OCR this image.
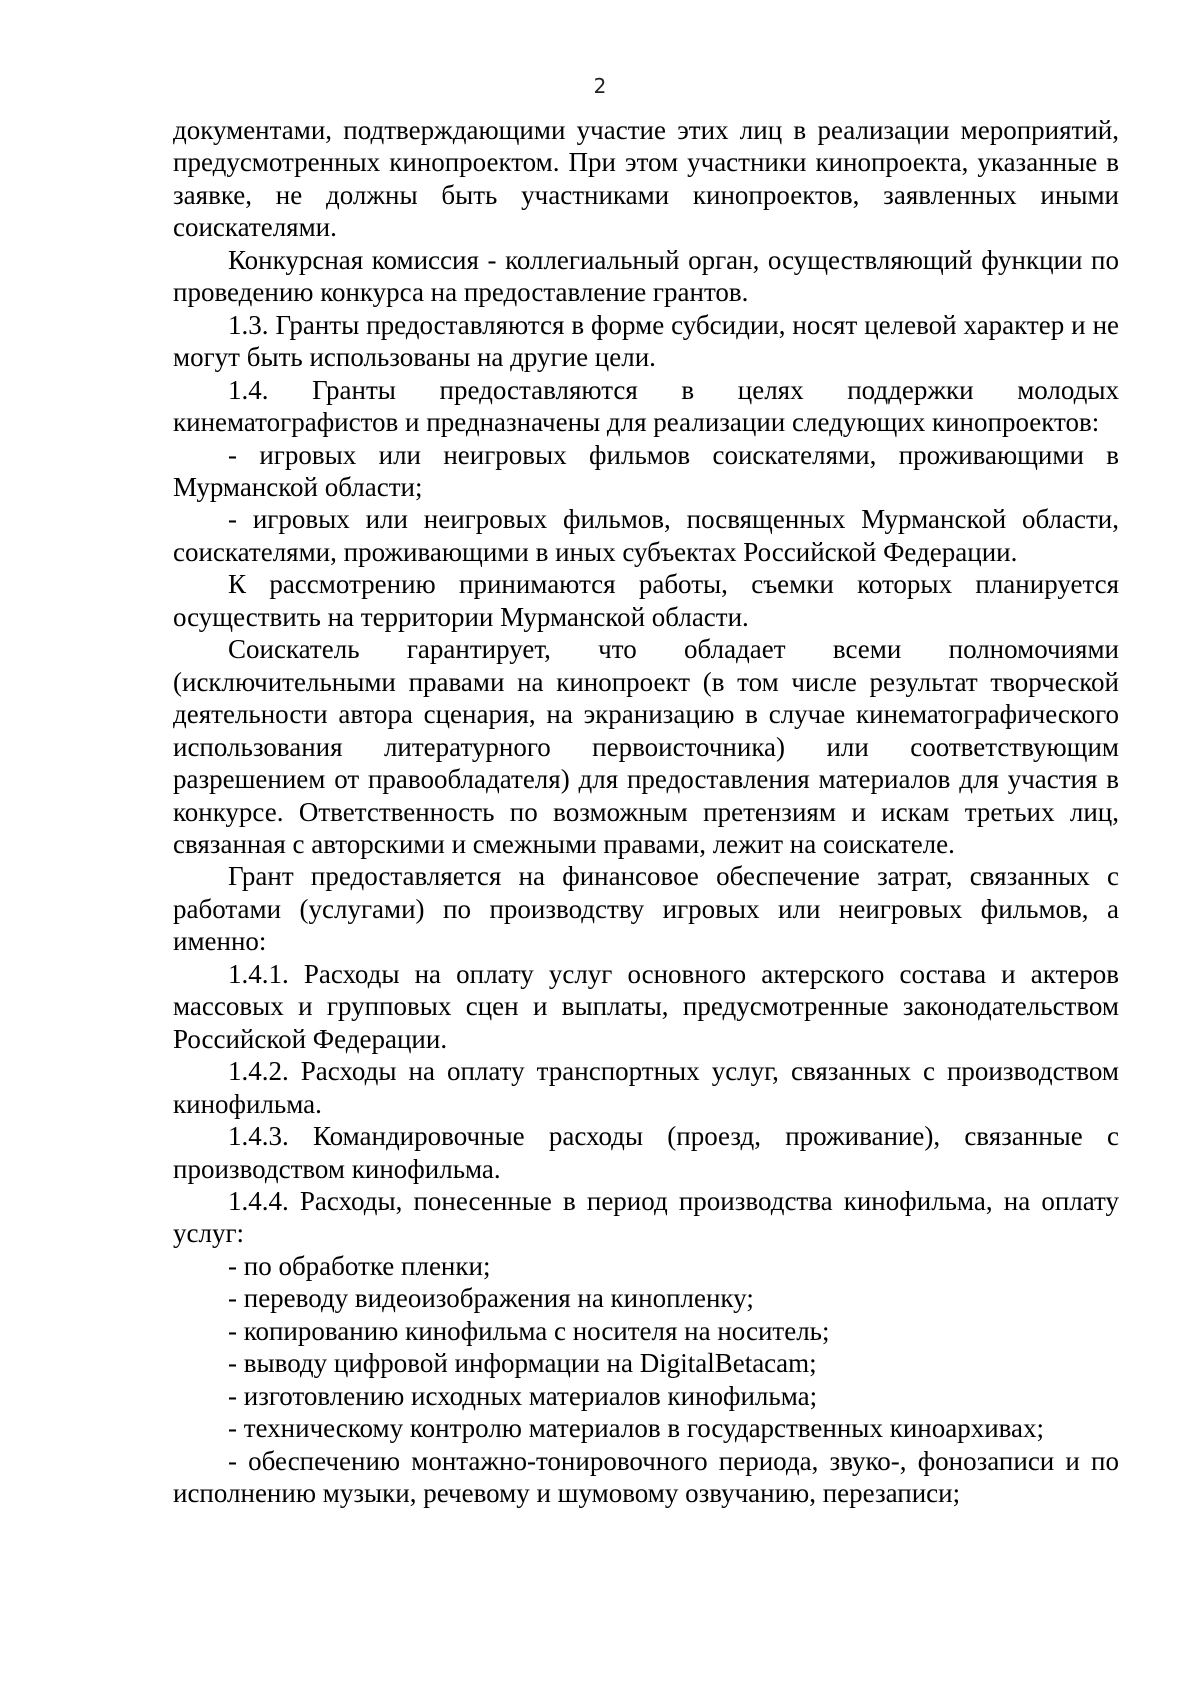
2

документами, подтверждающими участие этих лиц в реализации мероприятий, предусмотренных кинопроектом. При этом участники кинопроекта, указанные в заявке, не должны быть участниками кинопроектов, заявленных иными соискателями.

Конкурсная комиссия - коллегиальный орган, осуществляющий функции по проведению конкурса на предоставление грантов.

1.3. Гранты предоставляются в форме субсидии, носят целевой характер и не могут быть использованы на другие цели.

1.4. Гранты предоставляются в целях поддержки молодых кинематографистов и предназначены для реализации следующих кинопроектов:

- игровых или неигровых фильмов соискателями, проживающими в Мурманской области;

- игровых или неигровых фильмов, посвященных Мурманской области, соискателями, проживающими в иных субъектах Российской Федерации.

К рассмотрению принимаются работы, съемки которых планируется осуществить на территории Мурманской области.

Соискатель гарантирует, что обладает всеми полномочиями (исключительными правами на кинопроект (в том числе результат творческой деятельности автора сценария, на экранизацию в случае кинематографического использования литературного первоисточника) или соответствующим разрешением от правообладателя) для предоставления материалов для участия в конкурсе. Ответственность по возможным претензиям и искам третьих лиц, связанная с авторскими и смежными правами, лежит на соискателе.

Грант предоставляется на финансовое обеспечение затрат, связанных с работами (услугами) по производству игровых или неигровых фильмов, а именно:

1.4.1. Расходы на оплату услуг основного актерского состава и актеров массовых и групповых сцен и выплаты, предусмотренные законодательством Российской Федерации.

1.4.2. Расходы на оплату транспортных услуг, связанных с производством кинофильма.

1.4.3. Командировочные расходы (проезд, проживание), связанные с производством кинофильма.

1.4.4. Расходы, понесенные в период производства кинофильма, на оплату услуг:

- по обработке пленки;

- переводу видеоизображения на кинопленку;

- копированию кинофильма с носителя на носитель;

- выводу цифровой информации на DigitalBetacam;

- изготовлению исходных материалов кинофильма;

- техническому контролю материалов в государственных киноархивах;

- обеспечению монтажно-тонировочного периода, звуко-, фонозаписи и по исполнению музыки, речевому и шумовому озвучанию, перезаписи;
